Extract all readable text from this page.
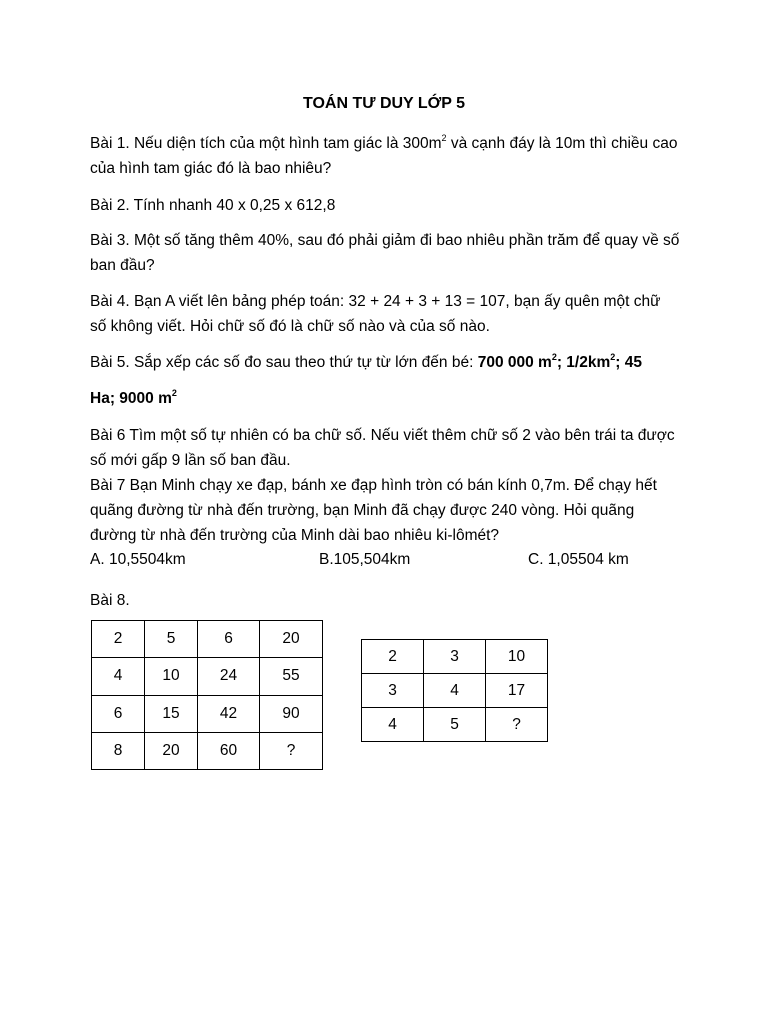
TOÁN TƯ DUY LỚP 5
Bài 1. Nếu diện tích của một hình tam giác là $300m^2$ và cạnh đáy là 10m thì chiều cao của hình tam giác đó là bao nhiêu?
Bài 2. Tính nhanh 40 x 0,25 x 612,8
Bài 3. Một số tăng thêm 40%, sau đó phải giảm đi bao nhiêu phần trăm để quay về số ban đầu?
Bài 4. Bạn A viết lên bảng phép toán: 32 + 24 + 3 + 13 = 107, bạn ấy quên một chữ số không viết. Hỏi chữ số đó là chữ số nào và của số nào.
Bài 5. Sắp xếp các số đo sau theo thứ tự từ lớn đến bé: 700 000 $m^2$; $1/2km^2$; 45
Ha; 9000 $m^2$
Bài 6 Tìm một số tự nhiên có ba chữ số. Nếu viết thêm chữ số 2 vào bên trái ta được số mới gấp 9 lần số ban đầu.
Bài 7 Bạn Minh chạy xe đạp, bánh xe đạp hình tròn có bán kính 0,7m. Để chạy hết quãng đường từ nhà đến trường, bạn Minh đã chạy được 240 vòng. Hỏi quãng đường từ nhà đến trường của Minh dài bao nhiêu ki-lômét?
A. 10,5504km	B.105,504km	C. 1,05504 km
Bài 8.
2	5	6	20
4	10	24	55
6	15	42	90
8	20	60	?
2	3	10
3	4	17
4	5	?
